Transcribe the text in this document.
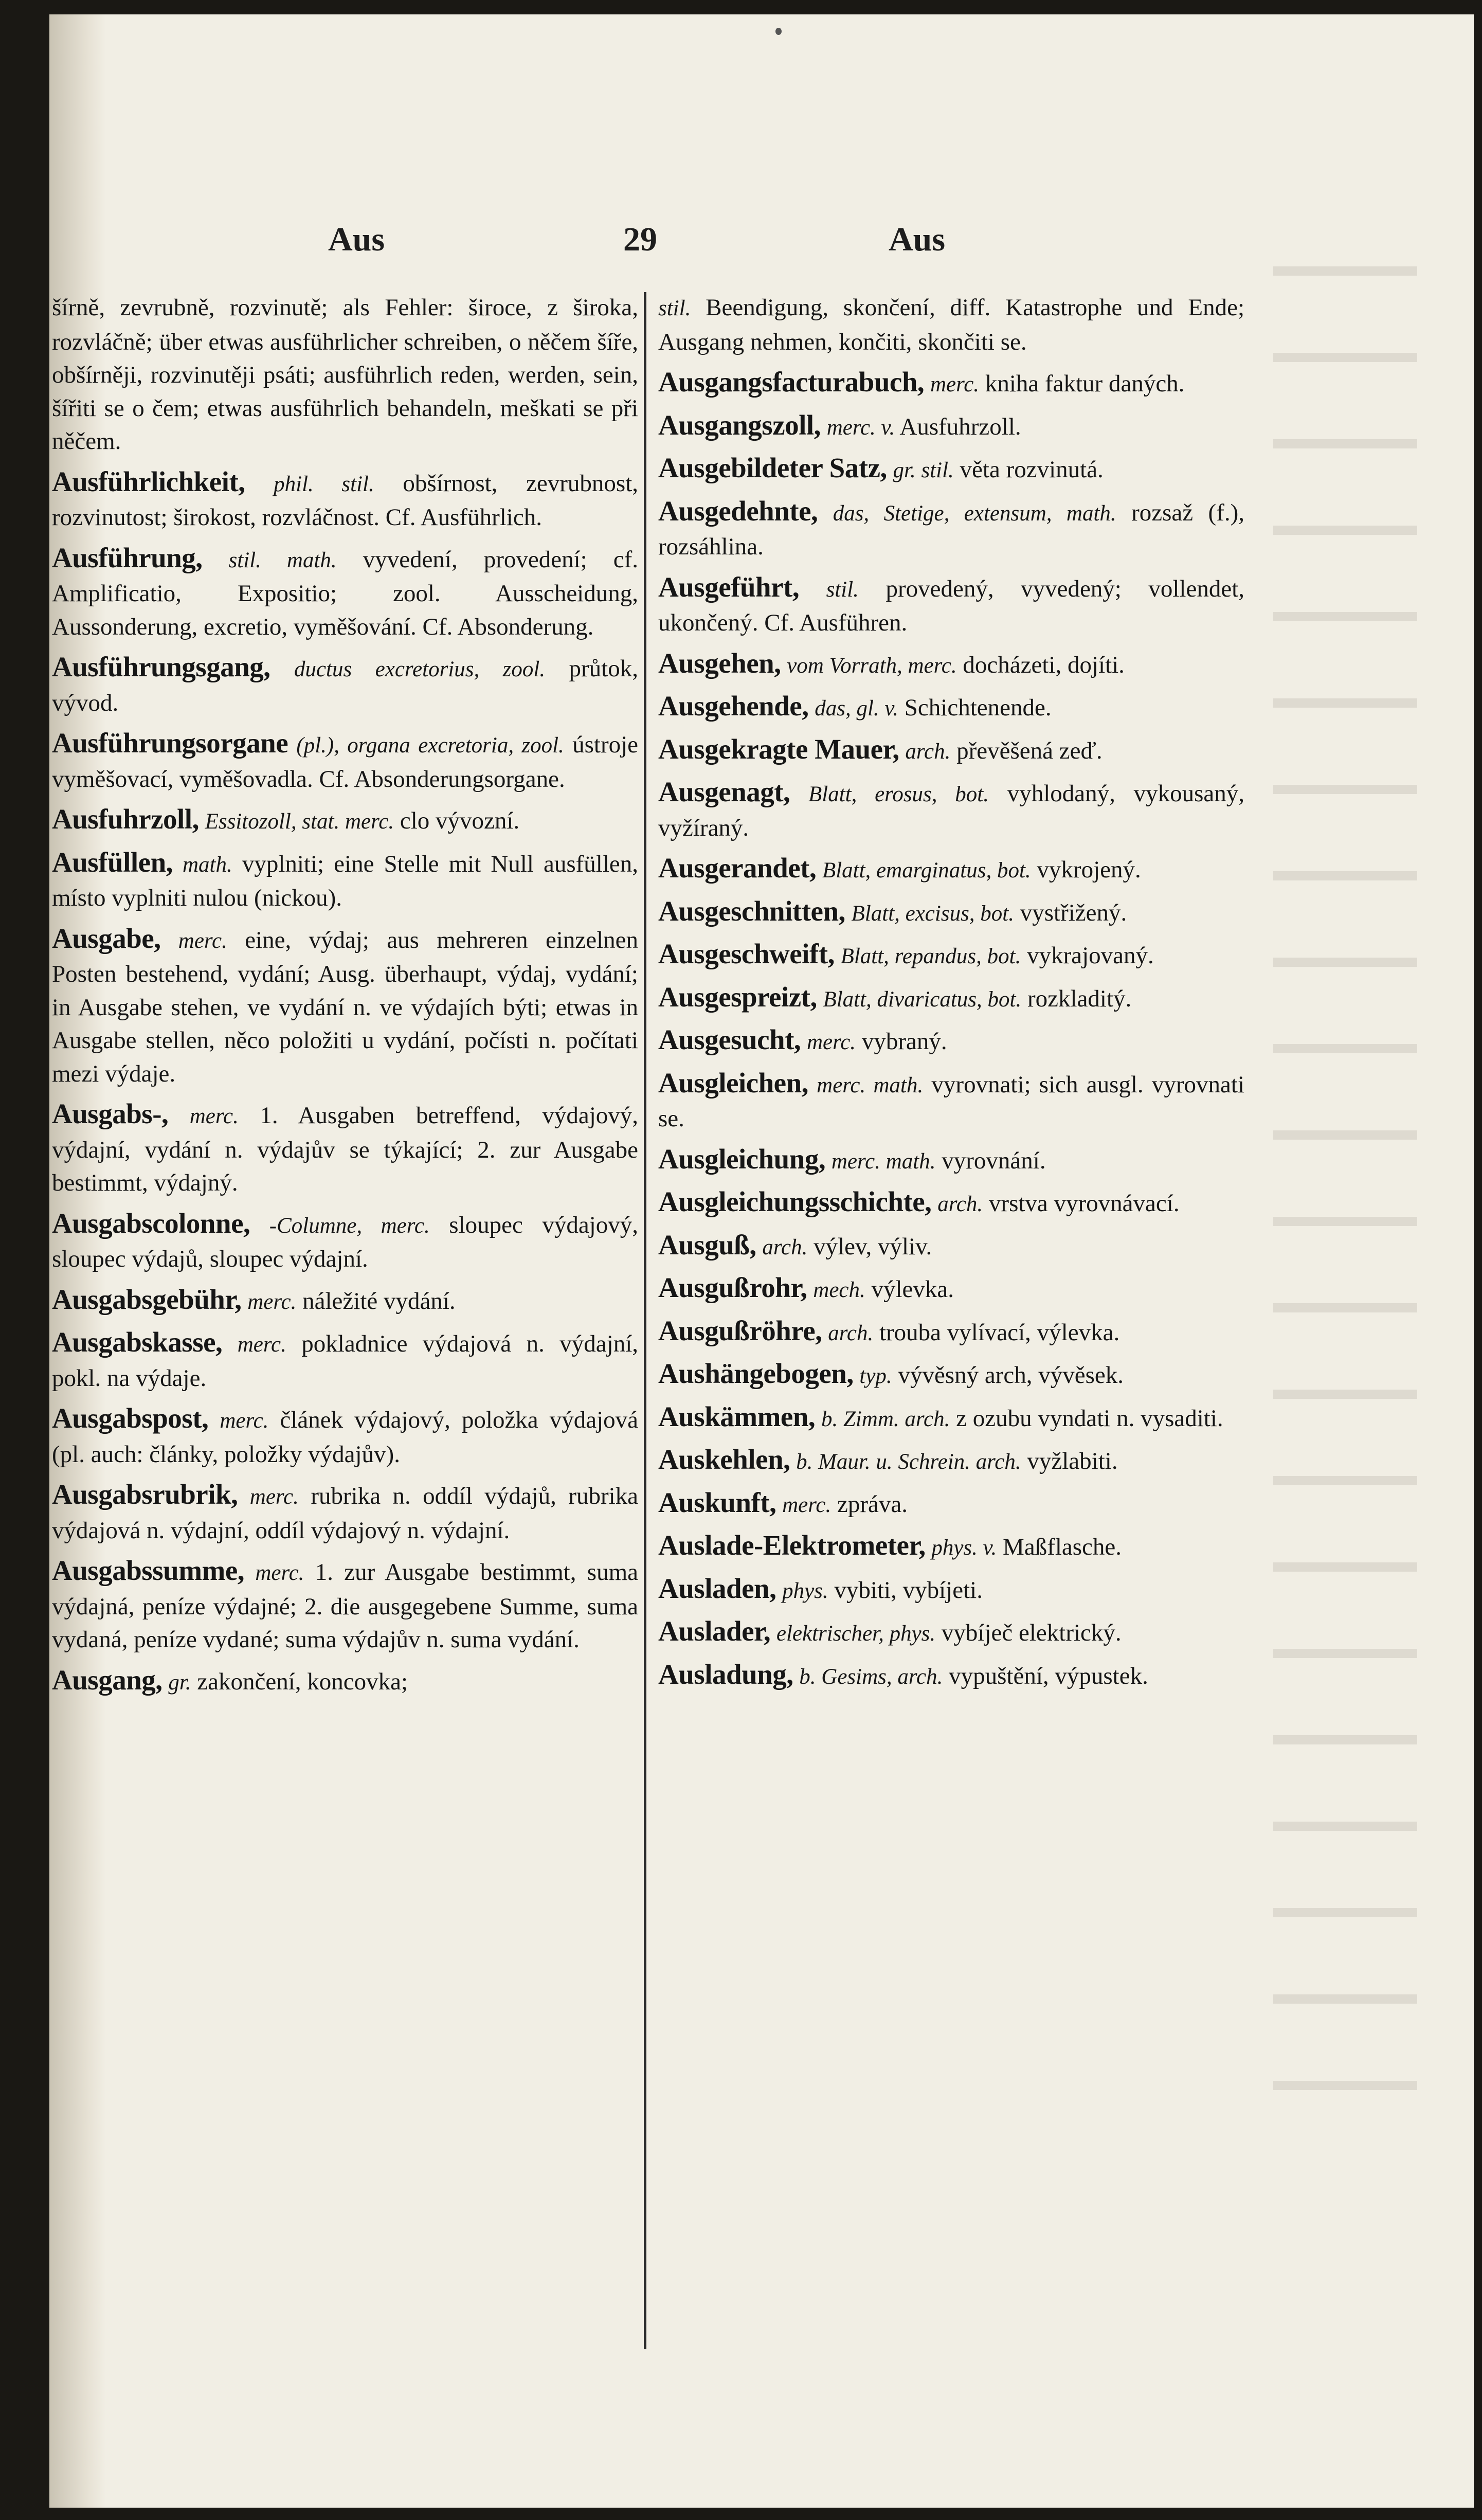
Aus	29	Aus
šírně, zevrubně, rozvinutě; als Fehler: široce, z široka, rozvláčně; über etwas ausführlicher schreiben, o něčem šíře, obšírněji, rozvinutěji psáti; ausführlich reden, werden, sein, šířiti se o čem; etwas ausführlich behandeln, meškati se při něčem.
Ausführlichkeit, phil. stil. obšírnost, zevrubnost, rozvinutost; širokost, rozvláčnost. Cf. Ausführlich.
Ausführung, stil. math. vyvedení, provedení; cf. Amplificatio, Expositio; zool. Ausscheidung, Aussonderung, excretio, vyměšování. Cf. Absonderung.
Ausführungsgang, ductus excretorius, zool. průtok, vývod.
Ausführungsorgane (pl.), organa excretoria, zool. ústroje vyměšovací, vyměšovadla. Cf. Absonderungsorgane.
Ausfuhrzoll, Essitozoll, stat. merc. clo vývozní.
Ausfüllen, math. vyplniti; eine Stelle mit Null ausfüllen, místo vyplniti nulou (nickou).
Ausgabe, merc. eine, výdaj; aus mehreren einzelnen Posten bestehend, vydání; Ausg. überhaupt, výdaj, vydání; in Ausgabe stehen, ve vydání n. ve výdajích býti; etwas in Ausgabe stellen, něco položiti u vydání, počísti n. počítati mezi výdaje.
Ausgabs-, merc. 1. Ausgaben betreffend, výdajový, výdajní, vydání n. výdajův se týkající; 2. zur Ausgabe bestimmt, výdajný.
Ausgabscolonne, -Columne, merc. sloupec výdajový, sloupec výdajů, sloupec výdajní.
Ausgabsgebühr, merc. náležité vydání.
Ausgabskasse, merc. pokladnice výdajová n. výdajní, pokl. na výdaje.
Ausgabspost, merc. článek výdajový, položka výdajová (pl. auch: články, položky výdajův).
Ausgabsrubrik, merc. rubrika n. oddíl výdajů, rubrika výdajová n. výdajní, oddíl výdajový n. výdajní.
Ausgabssumme, merc. 1. zur Ausgabe bestimmt, suma výdajná, peníze výdajné; 2. die ausgegebene Summe, suma vydaná, peníze vydané; suma výdajův n. suma vydání.
Ausgang, gr. zakončení, koncovka;
stil. Beendigung, skončení, diff. Katastrophe und Ende; Ausgang nehmen, končiti, skončiti se.
Ausgangsfacturabuch, merc. kniha faktur daných.
Ausgangszoll, merc. v. Ausfuhrzoll.
Ausgebildeter Satz, gr. stil. věta rozvinutá.
Ausgedehnte, das, Stetige, extensum, math. rozsaž (f.), rozsáhlina.
Ausgeführt, stil. provedený, vyvedený; vollendet, ukončený. Cf. Ausführen.
Ausgehen, vom Vorrath, merc. docházeti, dojíti.
Ausgehende, das, gl. v. Schichtenende.
Ausgekragte Mauer, arch. převěšená zeď.
Ausgenagt, Blatt, erosus, bot. vyhlodaný, vykousaný, vyžíraný.
Ausgerandet, Blatt, emarginatus, bot. vykrojený.
Ausgeschnitten, Blatt, excisus, bot. vystřižený.
Ausgeschweift, Blatt, repandus, bot. vykrajovaný.
Ausgespreizt, Blatt, divaricatus, bot. rozkladitý.
Ausgesucht, merc. vybraný.
Ausgleichen, merc. math. vyrovnati; sich ausgl. vyrovnati se.
Ausgleichung, merc. math. vyrovnání.
Ausgleichungsschichte, arch. vrstva vyrovnávací.
Ausguß, arch. výlev, výliv.
Ausgußrohr, mech. výlevka.
Ausgußröhre, arch. trouba vylívací, výlevka.
Aushängebogen, typ. vývěsný arch, vývěsek.
Auskämmen, b. Zimm. arch. z ozubu vyndati n. vysaditi.
Auskehlen, b. Maur. u. Schrein. arch. vyžlabiti.
Auskunft, merc. zpráva.
Auslade-Elektrometer, phys. v. Maßflasche.
Ausladen, phys. vybiti, vybíjeti.
Auslader, elektrischer, phys. vybíječ elektrický.
Ausladung, b. Gesims, arch. vypuštění, výpustek.
